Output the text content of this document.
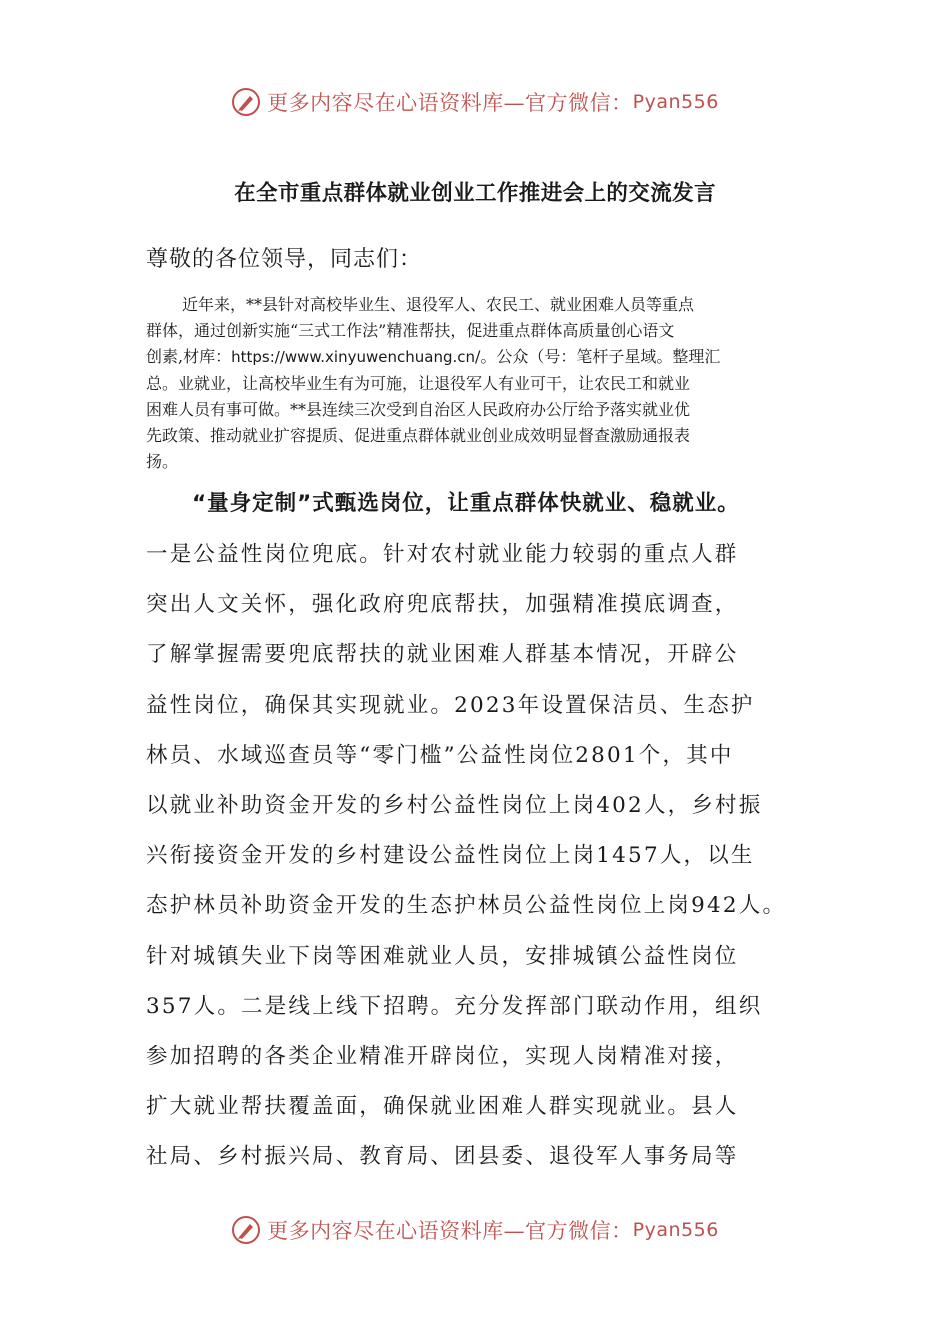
更多内容尽在心语资料库—官方微信： Pyan556
在全市重点群体就业创业工作推进会上的交流发言

尊敬的各位领导，同志们：

近年来，**县针对高校毕业生、退役军人、农民工、就业困难人员等重点
群体，通过创新实施“三式工作法”精准帮扶，促进重点群体高质量创心语文
创素,材库：https://www.xinyuwenchuang.cn/。公众（号：笔杆子星域。整理汇
总。业就业，让高校毕业生有为可施，让退役军人有业可干，让农民工和就业
困难人员有事可做。**县连续三次受到自治区人民政府办公厅给予落实就业优
先政策、推动就业扩容提质、促进重点群体就业创业成效明显督查激励通报表
扬。

“量身定制”式甄选岗位，让重点群体快就业、稳就业。

一是公益性岗位兜底。针对农村就业能力较弱的重点人群
突出人文关怀，强化政府兜底帮扶，加强精准摸底调查，
了解掌握需要兜底帮扶的就业困难人群基本情况，开辟公
益性岗位，确保其实现就业。2023年设置保洁员、生态护
林员、水域巡查员等“零门槛”公益性岗位2801个，其中
以就业补助资金开发的乡村公益性岗位上岗402人，乡村振
兴衔接资金开发的乡村建设公益性岗位上岗1457人，以生
态护林员补助资金开发的生态护林员公益性岗位上岗942人。
针对城镇失业下岗等困难就业人员，安排城镇公益性岗位
357人。二是线上线下招聘。充分发挥部门联动作用，组织
参加招聘的各类企业精准开辟岗位，实现人岗精准对接，
扩大就业帮扶覆盖面，确保就业困难人群实现就业。县人
社局、乡村振兴局、教育局、团县委、退役军人事务局等

更多内容尽在心语资料库—官方微信： Pyan556
